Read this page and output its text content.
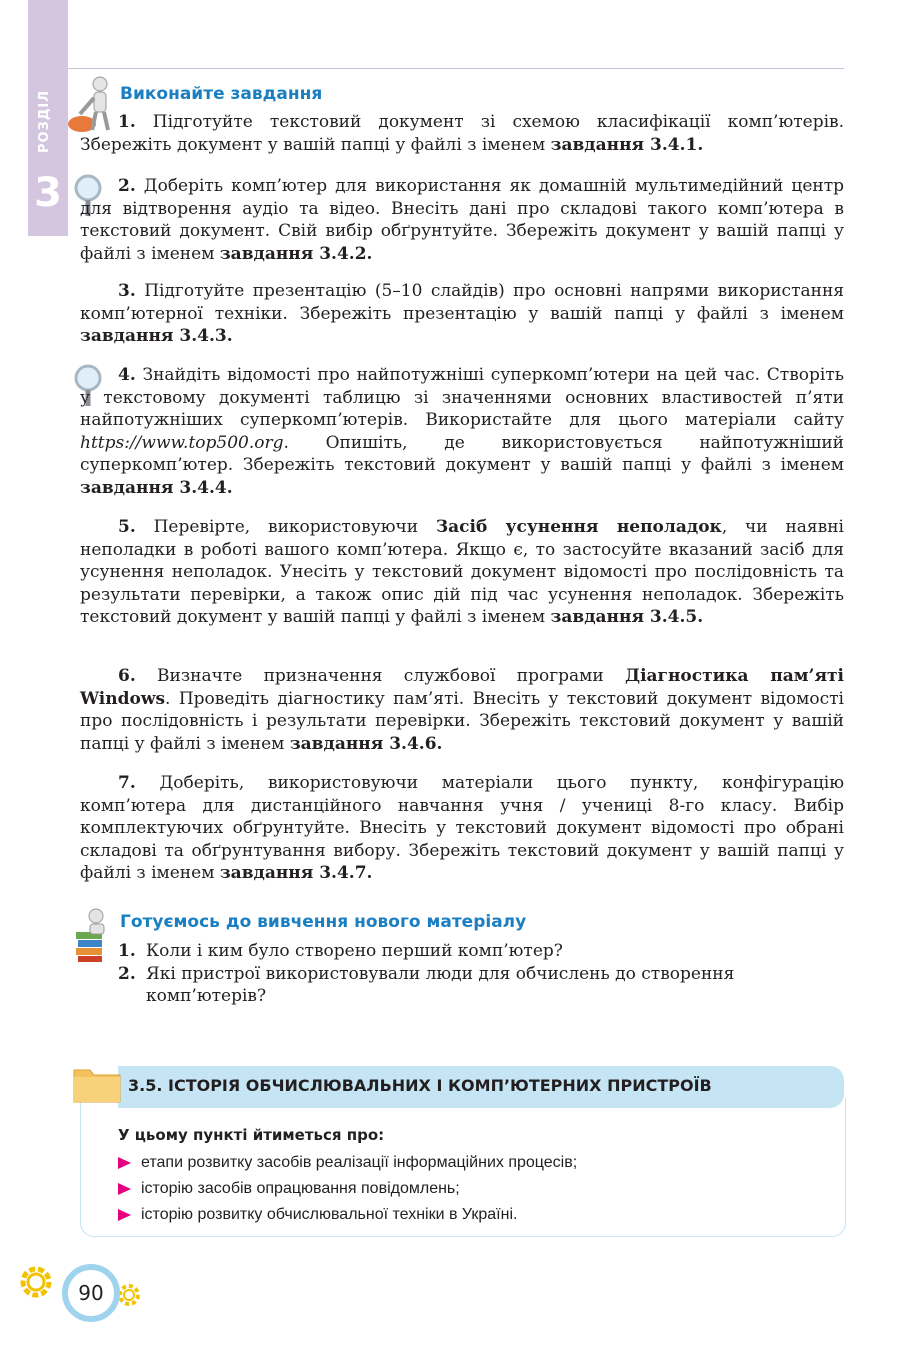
РОЗДІЛ
3
Виконайте завдання

1. Підготуйте текстовий документ зі схемою класифікації комп’ютерів. Збережіть документ у вашій папці у файлі з іменем завдання 3.4.1.

2. Доберіть комп’ютер для використання як домашній мультимедійний центр для відтворення аудіо та відео. Внесіть дані про складові такого комп’ютера в текстовий документ. Свій вибір обґрунтуйте. Збережіть документ у вашій папці у файлі з іменем завдання 3.4.2.

3. Підготуйте презентацію (5–10 слайдів) про основні напрями використання комп’ютерної техніки. Збережіть презентацію у вашій папці у файлі з іменем завдання 3.4.3.

4. Знайдіть відомості про найпотужніші суперкомп’ютери на цей час. Створіть у текстовому документі таблицю зі значеннями основних властивостей п’яти найпотужніших суперкомп’ютерів. Використайте для цього матеріали сайту https://www.top500.org. Опишіть, де використовується найпотужніший суперкомп’ютер. Збережіть текстовий документ у вашій папці у файлі з іменем завдання 3.4.4.

5. Перевірте, використовуючи Засіб усунення неполадок, чи наявні неполадки в роботі вашого комп’ютера. Якщо є, то застосуйте вказаний засіб для усунення неполадок. Унесіть у текстовий документ відомості про послідовність та результати перевірки, а також опис дій під час усунення неполадок. Збережіть текстовий документ у вашій папці у файлі з іменем завдання 3.4.5.

6. Визначте призначення службової програми Діагностика пам’яті Windows. Проведіть діагностику пам’яті. Внесіть у текстовий документ відомості про послідовність і результати перевірки. Збережіть текстовий документ у вашій папці у файлі з іменем завдання 3.4.6.

7. Доберіть, використовуючи матеріали цього пункту, конфігурацію комп’ютера для дистанційного навчання учня / учениці 8-го класу. Вибір комплектуючих обґрунтуйте. Внесіть у текстовий документ відомості про обрані складові та обґрунтування вибору. Збережіть текстовий документ у вашій папці у файлі з іменем завдання 3.4.7.

Готуємось до вивчення нового матеріалу
1. Коли і ким було створено перший комп’ютер?
2. Які пристрої використовували люди для обчислень до створення комп’ютерів?
3.5. ІСТОРІЯ ОБЧИСЛЮВАЛЬНИХ І КОМП’ЮТЕРНИХ ПРИСТРОЇВ
У цьому пункті йтиметься про:
етапи розвитку засобів реалізації інформаційних процесів;
історію засобів опрацювання повідомлень;
історію розвитку обчислювальної техніки в Україні.
90
